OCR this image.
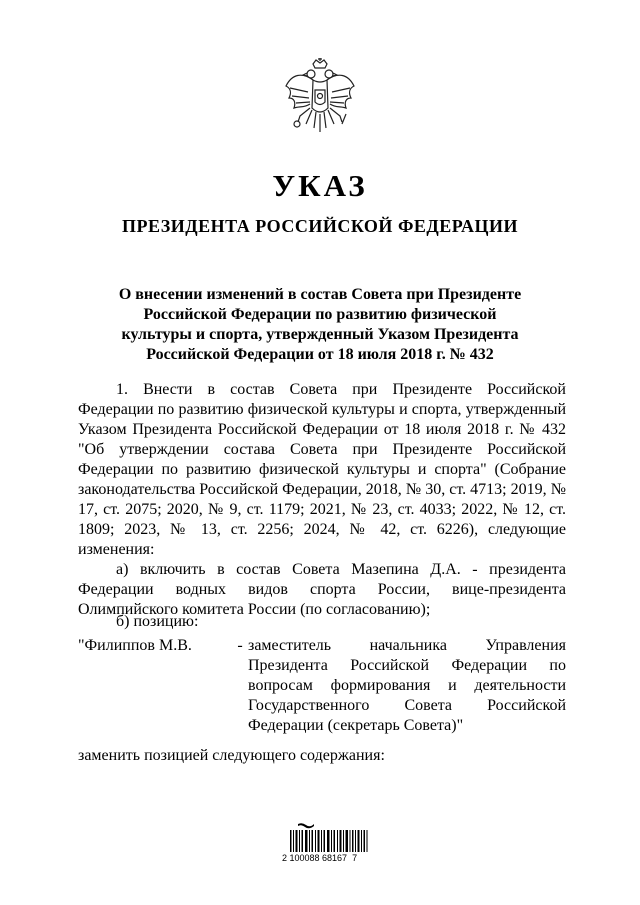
УКАЗ
ПРЕЗИДЕНТА РОССИЙСКОЙ ФЕДЕРАЦИИ
О внесении изменений в состав Совета при Президенте Российской Федерации по развитию физической культуры и спорта, утвержденный Указом Президента Российской Федерации от 18 июля 2018 г. № 432

1. Внести в состав Совета при Президенте Российской Федерации по развитию физической культуры и спорта, утвержденный Указом Президента Российской Федерации от 18 июля 2018 г. № 432 "Об утверждении состава Совета при Президенте Российской Федерации по развитию физической культуры и спорта" (Собрание законодательства Российской Федерации, 2018, № 30, ст. 4713; 2019, № 17, ст. 2075; 2020, № 9, ст. 1179; 2021, № 23, ст. 4033; 2022, № 12, ст. 1809; 2023, № 13, ст. 2256; 2024, № 42, ст. 6226), следующие изменения:

а) включить в состав Совета Мазепина Д.А. - президента Федерации водных видов спорта России, вице-президента Олимпийского комитета России (по согласованию);

б) позицию:

"Филиппов М.В.	- заместитель начальника Управления Президента Российской Федерации по вопросам формирования и деятельности Государственного Совета Российской Федерации (секретарь Совета)"
заменить позицией следующего содержания:
2 100088 68167  7
